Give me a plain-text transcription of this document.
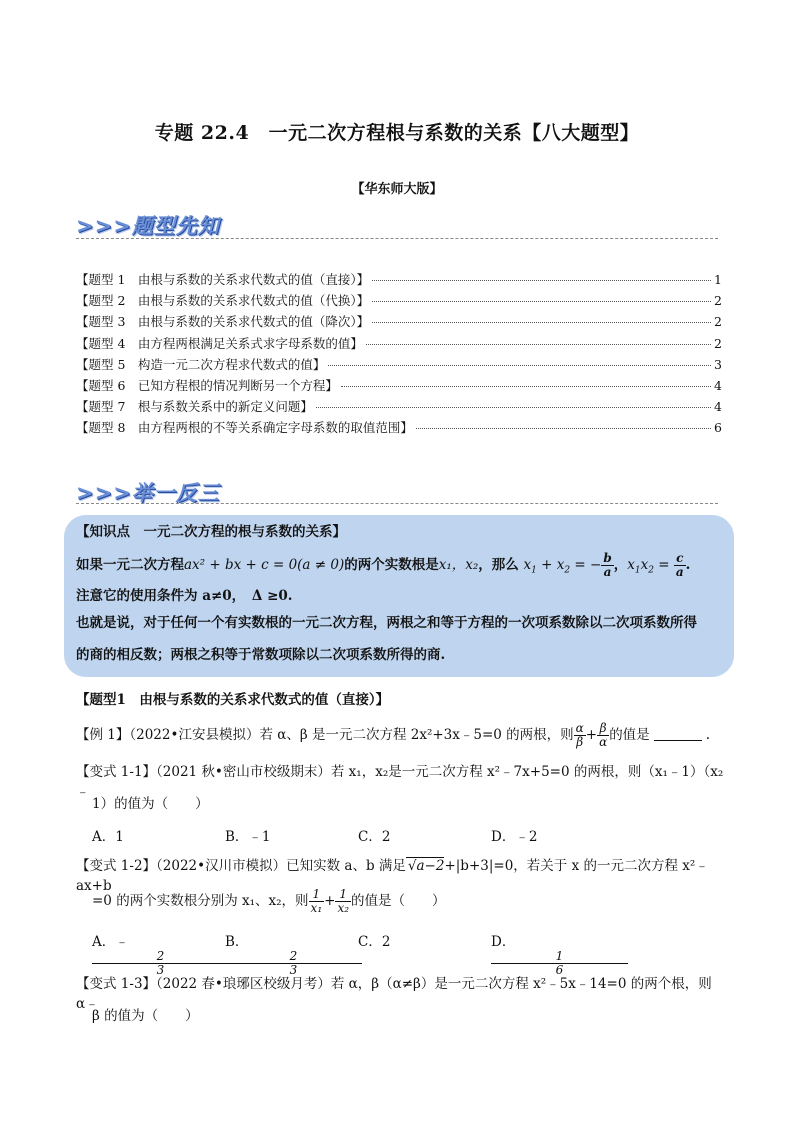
专题 22.4　一元二次方程根与系数的关系【八大题型】
【华东师大版】
>>>题型先知
【题型 1　由根与系数的关系求代数式的值（直接）】	1
【题型 2　由根与系数的关系求代数式的值（代换）】	2
【题型 3　由根与系数的关系求代数式的值（降次）】	2
【题型 4　由方程两根满足关系式求字母系数的值】	2
【题型 5　构造一元二次方程求代数式的值】	3
【题型 6　已知方程根的情况判断另一个方程】	4
【题型 7　根与系数关系中的新定义问题】	4
【题型 8　由方程两根的不等关系确定字母系数的取值范围】	6
>>>举一反三
【知识点　一元二次方程的根与系数的关系】
如果一元二次方程ax² + bx + c = 0(a ≠ 0)的两个实数根是x₁，x₂，那么 $x_1 + x_2$ = − $\frac{b}{a}$ ，$x_1x_2 = \frac{c}{a}$ .
注意它的使用条件为 a≠0，　Δ ≥0.
也就是说，对于任何一个有实数根的一元二次方程，两根之和等于方程的一次项系数除以二次项系数所得
的商的相反数；两根之积等于常数项除以二次项系数所得的商.
【题型1　由根与系数的关系求代数式的值（直接）】
【例 1】（2022•江安县模拟）若 α、β 是一元二次方程 2x²+3x﹣5=0 的两根，则 $\frac{\alpha}{\beta} + \frac{\beta}{\alpha}$ 的值是	.
【变式 1-1】（2021 秋•密山市校级期末）若 x₁，x₂是一元二次方程 x²﹣7x+5=0 的两根，则（x₁﹣1）（x₂﹣
1）的值为（　　）
A．1	B．﹣1	C．2	D．﹣2
【变式 1-2】（2022•汉川市模拟）已知实数 a、b 满足 √a−2+|b+3|=0，若关于 x 的一元二次方程 x²﹣ax+b
=0 的两个实数根分别为 x₁、x₂，则 $\frac{1}{\text{x₁}} + \frac{1}{\text{x₂}}$ 的值是（　　）
A．﹣
$\frac{2}{3}$
B．
$\frac{2}{3}$
C．2	D．
$\frac{1}{6}$
【变式 1-3】（2022 春•琅琊区校级月考）若 α，β（α≠β）是一元二次方程 x²﹣5x﹣14=0 的两个根，则 α﹣
β 的值为（　　）
